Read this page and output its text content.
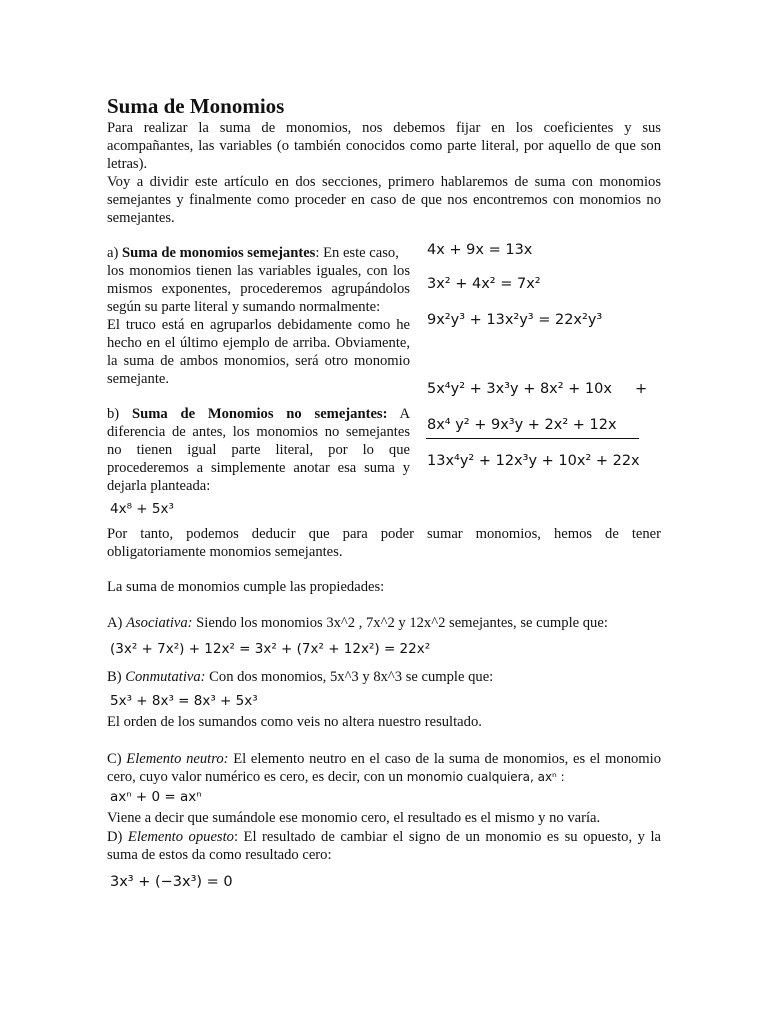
Suma de Monomios
Para realizar la suma de monomios, nos debemos fijar en los coeficientes y sus
acompañantes, las variables (o también conocidos como parte literal, por aquello de que son
letras).
Voy a dividir este artículo en dos secciones, primero hablaremos de suma con monomios
semejantes y finalmente como proceder en caso de que nos encontremos con monomios no
semejantes.
a) Suma de monomios semejantes: En este caso,
los monomios tienen las variables iguales, con los
mismos exponentes, procederemos agrupándolos
según su parte literal y sumando normalmente:
El truco está en agruparlos debidamente como he
hecho en el último ejemplo de arriba. Obviamente,
la suma de ambos monomios, será otro monomio
semejante.
b) Suma de Monomios no semejantes: A
diferencia de antes, los monomios no semejantes
no tienen igual parte literal, por lo que
procederemos a simplemente anotar esa suma y
dejarla planteada:
4x + 9x = 13x
3x² + 4x² = 7x²
9x²y³ + 13x²y³ = 22x²y³
5x⁴y² + 3x³y + 8x² + 10x     +
8x⁴ y² + 9x³y + 2x² + 12x
13x⁴y² + 12x³y + 10x² + 22x
4x⁸ + 5x³
Por tanto, podemos deducir que para poder sumar monomios, hemos de tener
obligatoriamente monomios semejantes.
La suma de monomios cumple las propiedades:
A) Asociativa: Siendo los monomios 3x^2 , 7x^2 y 12x^2 semejantes, se cumple que:
(3x² + 7x²) + 12x² = 3x² + (7x² + 12x²) = 22x²
B) Conmutativa: Con dos monomios, 5x^3 y 8x^3 se cumple que:
5x³ + 8x³ = 8x³ + 5x³
El orden de los sumandos como veis no altera nuestro resultado.
C) Elemento neutro: El elemento neutro en el caso de la suma de monomios, es el monomio
cero, cuyo valor numérico es cero, es decir, con un monomio cualquiera, axⁿ :
axⁿ + 0 = axⁿ
Viene a decir que sumándole ese monomio cero, el resultado es el mismo y no varía.
D) Elemento opuesto: El resultado de cambiar el signo de un monomio es su opuesto, y la
suma de estos da como resultado cero:
3x³ + (−3x³) = 0
